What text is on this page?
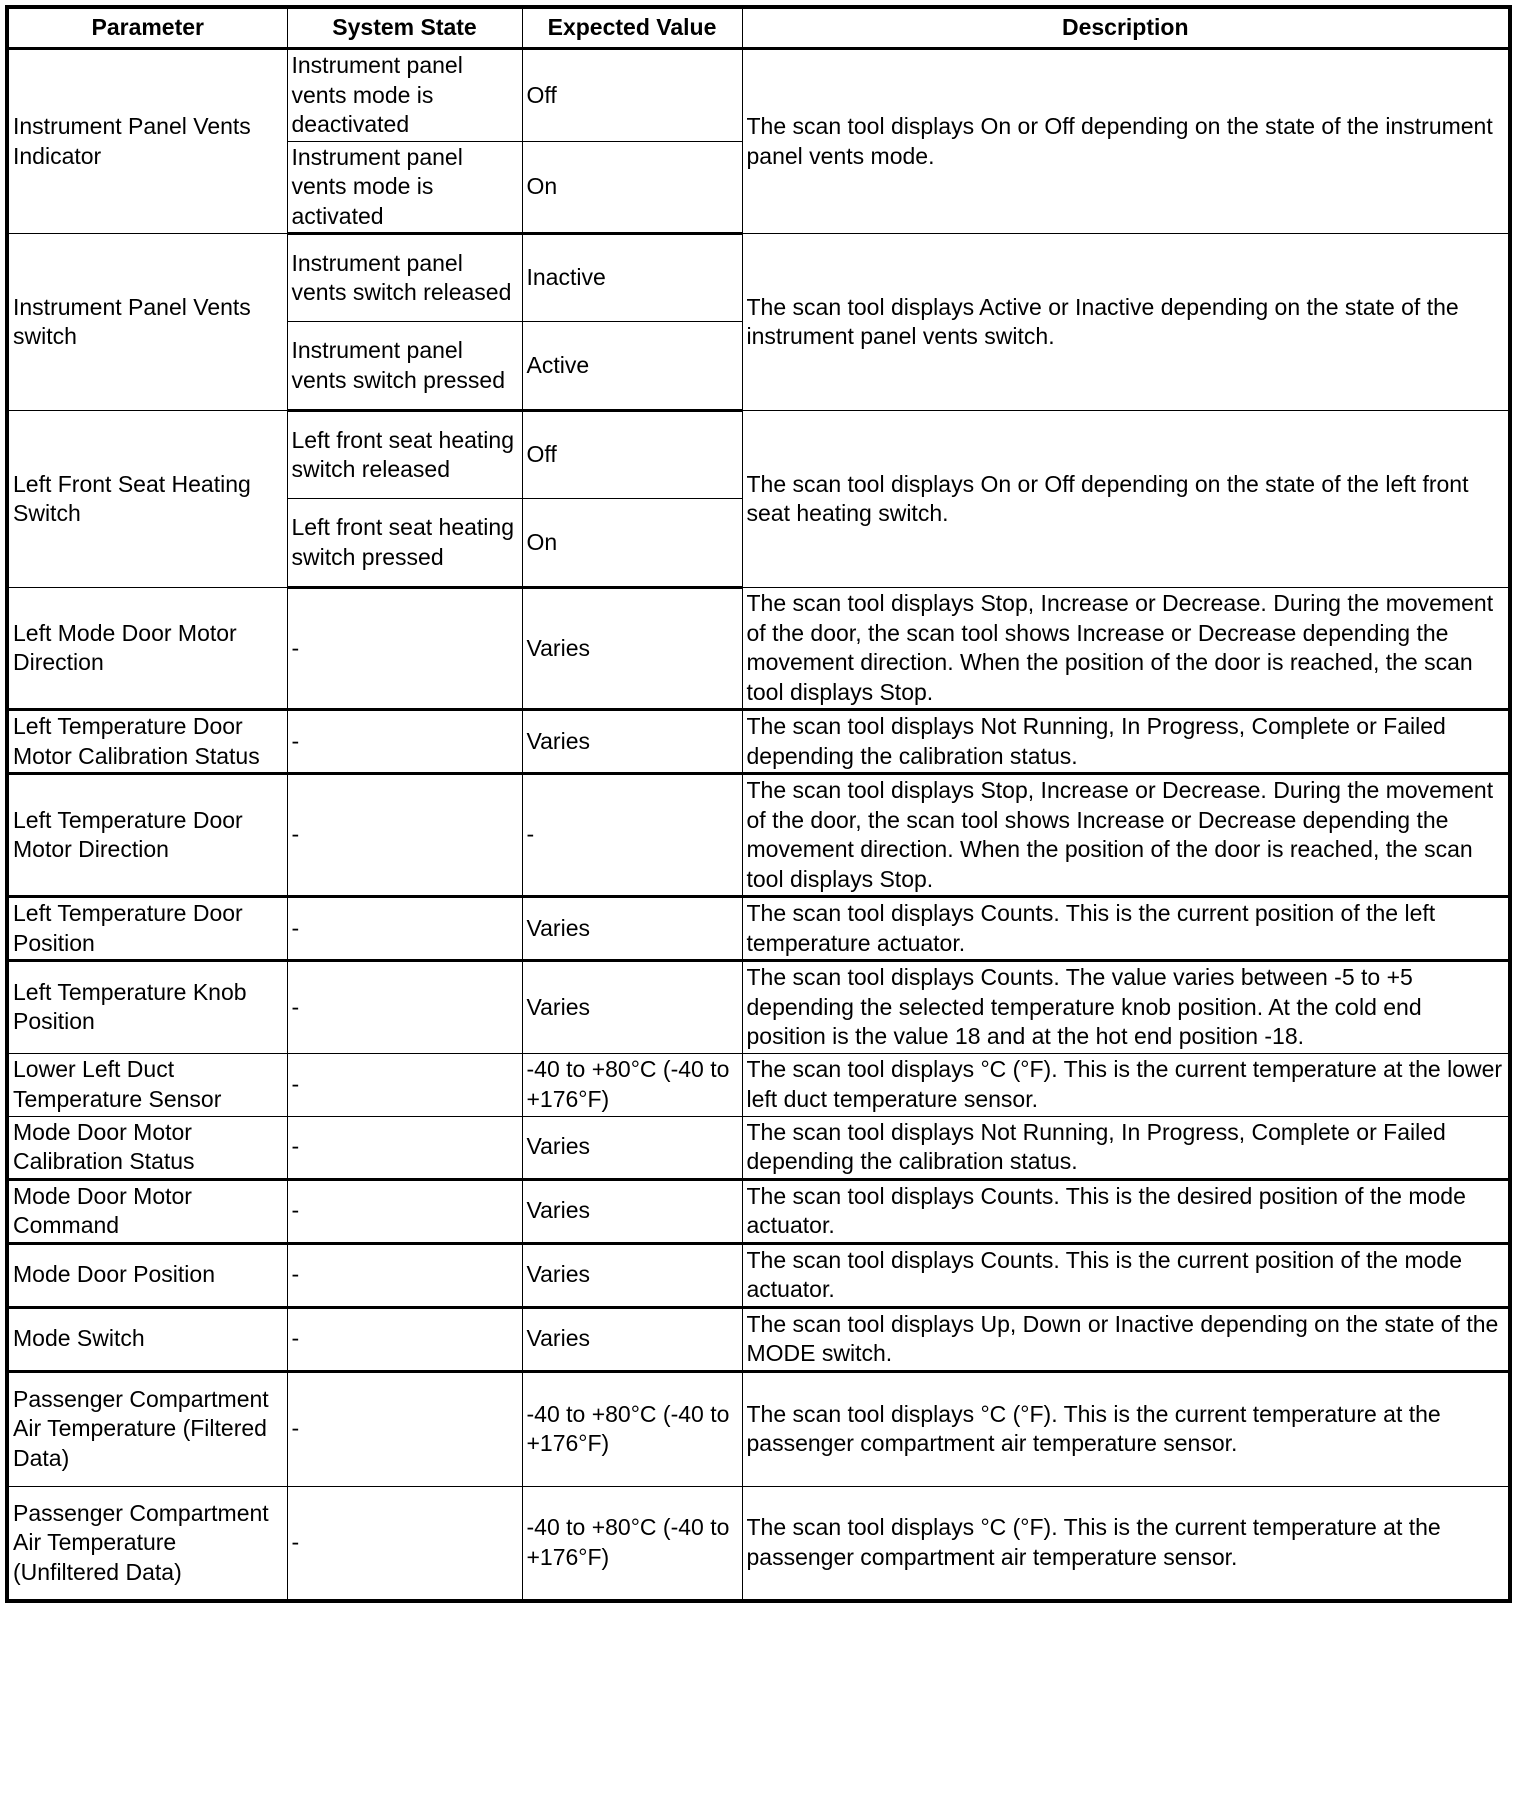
Parameter	System State	Expected Value	Description
Instrument Panel Vents Indicator	Instrument panel vents mode is deactivated	Off	The scan tool displays On or Off depending on the state of the instrument panel vents mode.
	Instrument panel vents mode is activated	On	
Instrument Panel Vents switch	Instrument panel vents switch released	Inactive	The scan tool displays Active or Inactive depending on the state of the instrument panel vents switch.
	Instrument panel vents switch pressed	Active	
Left Front Seat Heating Switch	Left front seat heating switch released	Off	The scan tool displays On or Off depending on the state of the left front seat heating switch.
	Left front seat heating switch pressed	On	
Left Mode Door Motor Direction	-	Varies	The scan tool displays Stop, Increase or Decrease. During the movement of the door, the scan tool shows Increase or Decrease depending the movement direction. When the position of the door is reached, the scan tool displays Stop.
Left Temperature Door Motor Calibration Status	-	Varies	The scan tool displays Not Running, In Progress, Complete or Failed depending the calibration status.
Left Temperature Door Motor Direction	-	-	The scan tool displays Stop, Increase or Decrease. During the movement of the door, the scan tool shows Increase or Decrease depending the movement direction. When the position of the door is reached, the scan tool displays Stop.
Left Temperature Door Position	-	Varies	The scan tool displays Counts. This is the current position of the left temperature actuator.
Left Temperature Knob Position	-	Varies	The scan tool displays Counts. The value varies between -5 to +5 depending the selected temperature knob position. At the cold end position is the value 18 and at the hot end position -18.
Lower Left Duct Temperature Sensor	-	-40 to +80°C (-40 to +176°F)	The scan tool displays °C (°F). This is the current temperature at the lower left duct temperature sensor.
Mode Door Motor Calibration Status	-	Varies	The scan tool displays Not Running, In Progress, Complete or Failed depending the calibration status.
Mode Door Motor Command	-	Varies	The scan tool displays Counts. This is the desired position of the mode actuator.
Mode Door Position	-	Varies	The scan tool displays Counts. This is the current position of the mode actuator.
Mode Switch	-	Varies	The scan tool displays Up, Down or Inactive depending on the state of the MODE switch.
Passenger Compartment Air Temperature (Filtered Data)	-	-40 to +80°C (-40 to +176°F)	The scan tool displays °C (°F). This is the current temperature at the passenger compartment air temperature sensor.
Passenger Compartment Air Temperature (Unfiltered Data)	-	-40 to +80°C (-40 to +176°F)	The scan tool displays °C (°F). This is the current temperature at the passenger compartment air temperature sensor.
